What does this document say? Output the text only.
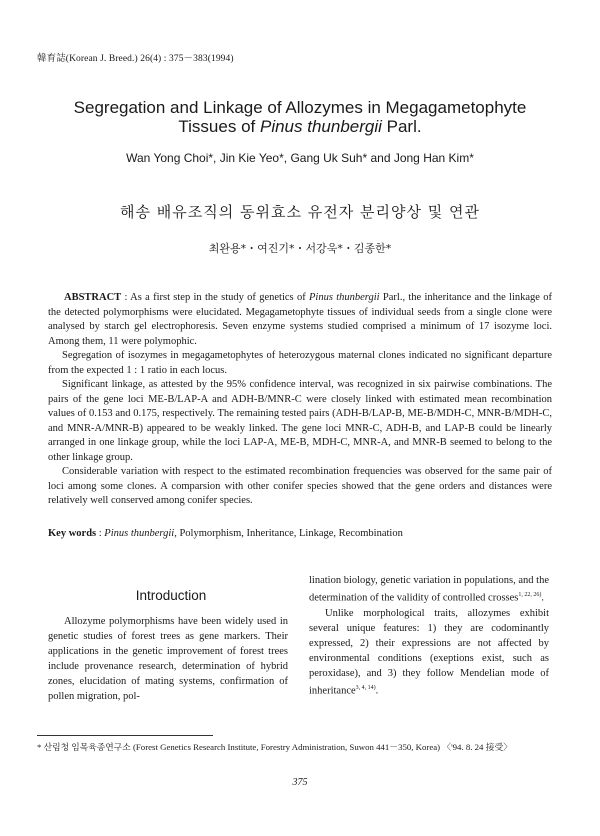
韓育誌(Korean J. Breed.) 26(4) : 375－383(1994)
Segregation and Linkage of Allozymes in Megagametophyte
Tissues of Pinus thunbergii Parl.
Wan Yong Choi*, Jin Kie Yeo*, Gang Uk Suh* and Jong Han Kim*
해송 배유조직의 동위효소 유전자 분리양상 및 연관
최완용*・여진기*・서강욱*・김종한*

ABSTRACT : As a first step in the study of genetics of Pinus thunbergii Parl., the inheritance and the linkage of the detected polymorphisms were elucidated. Megagametophyte tissues of individual seeds from a single clone were analysed by starch gel electrophoresis. Seven enzyme systems studied comprised a minimum of 17 isozyme loci. Among them, 11 were polymophic.

Segregation of isozymes in megagametophytes of heterozygous maternal clones indicated no significant departure from the expected 1 : 1 ratio in each locus.

Significant linkage, as attested by the 95% confidence interval, was recognized in six pairwise combinations. The pairs of the gene loci ME-B/LAP-A and ADH-B/MNR-C were closely linked with estimated mean recombination values of 0.153 and 0.175, respectively. The remaining tested pairs (ADH-B/LAP-B, ME-B/MDH-C, MNR-B/MDH-C, and MNR-A/MNR-B) appeared to be weakly linked. The gene loci MNR-C, ADH-B, and LAP-B could be linearly arranged in one linkage group, while the loci LAP-A, ME-B, MDH-C, MNR-A, and MNR-B seemed to belong to the other linkage group.

Considerable variation with respect to the estimated recombination frequencies was observed for the same pair of loci among some clones. A comparsion with other conifer species showed that the gene orders and distances were relatively well conserved among conifer species.

Key words : Pinus thunbergii, Polymorphism, Inheritance, Linkage, Recombination
Introduction

Allozyme polymorphisms have been widely used in genetic studies of forest trees as gene markers. Their applications in the genetic improvement of forest trees include provenance research, determination of hybrid zones, elucidation of mating systems, confirmation of pollen migration, pol-

lination biology, genetic variation in populations, and the determination of the validity of controlled crosses$^{1, 22, 26)}$.

Unlike morphological traits, allozymes exhibit several unique features: 1) they are codominantly expressed, 2) their expressions are not affected by environmental conditions (exeptions exist, such as peroxidase), and 3) they follow Mendelian mode of inheritance$^{3, 4, 14)}$.

* 산림청 임목육종연구소 (Forest Genetics Research Institute, Forestry Administration, Suwon 441－350, Korea) 〈'94. 8. 24 接受〉
375
